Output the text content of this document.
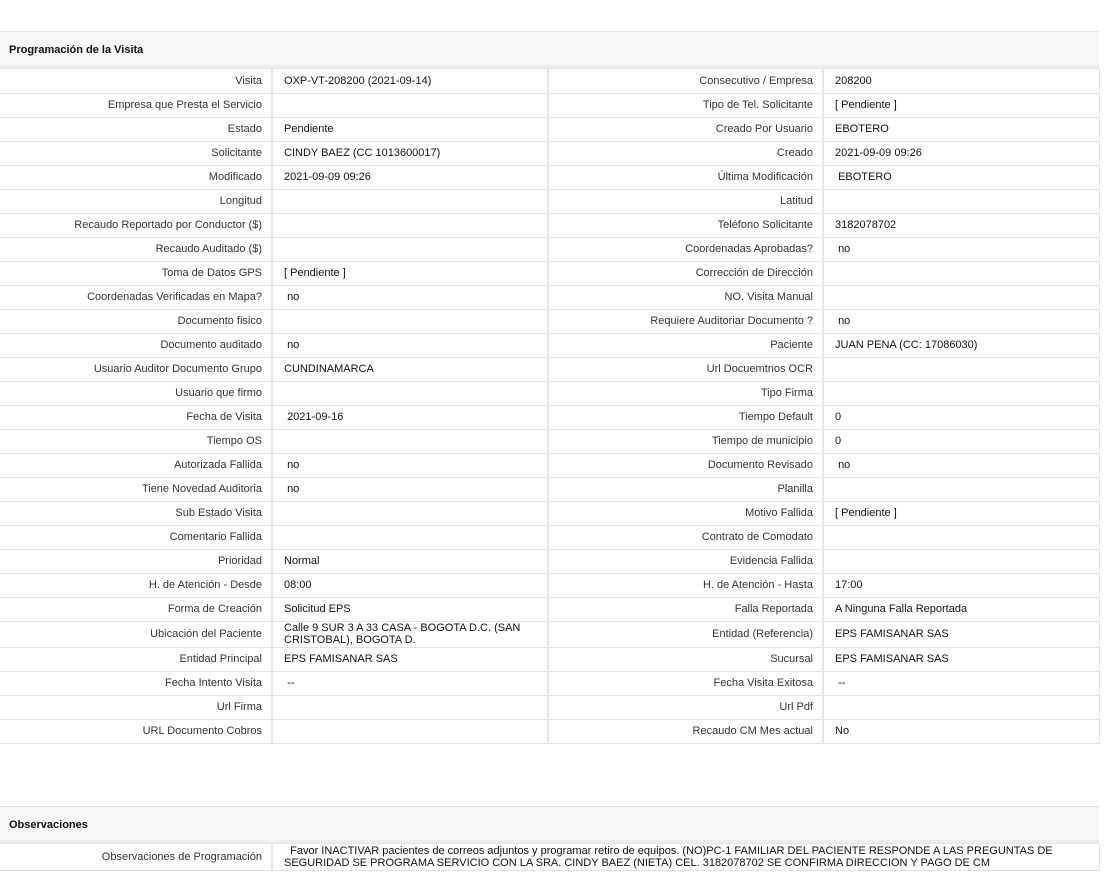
Programación de la Visita
Visita	OXP-VT-208200 (2021-09-14)	Consecutivo / Empresa	208200
Empresa que Presta el Servicio		Tipo de Tel. Solicitante	[ Pendiente ]
Estado	Pendiente	Creado Por Usuario	EBOTERO
Solicitante	CINDY BAEZ (CC 1013600017)	Creado	2021-09-09 09:26
Modificado	2021-09-09 09:26	Última Modificación	EBOTERO
Longitud		Latitud	
Recaudo Reportado por Conductor ($)		Teléfono Solicitante	3182078702
Recaudo Auditado ($)		Coordenadas Aprobadas?	no
Toma de Datos GPS	[ Pendiente ]	Corrección de Dirección	
Coordenadas Verificadas en Mapa?	no	NO. Visita Manual	
Documento fisico		Requiere Auditoriar Documento ?	no
Documento auditado	no	Paciente	JUAN PENA (CC: 17086030)
Usuario Auditor Documento Grupo	CUNDINAMARCA	Url Docuemtnos OCR	
Usuario que firmo		Tipo Firma	
Fecha de Visita	2021-09-16	Tiempo Default	0
Tiempo OS		Tiempo de municipio	0
Autorizada Fallida	no	Documento Revisado	no
Tiene Novedad Auditoria	no	Planilla	
Sub Estado Visita		Motivo Fallida	[ Pendiente ]
Comentario Fallida		Contrato de Comodato	
Prioridad	Normal	Evidencia Fallida	
H. de Atención - Desde	08:00	H. de Atención - Hasta	17:00
Forma de Creación	Solicitud EPS	Falla Reportada	A Ninguna Falla Reportada
Ubicación del Paciente	Calle 9 SUR 3 A 33 CASA - BOGOTA D.C. (SAN CRISTOBAL), BOGOTA D.	Entidad (Referencia)	EPS FAMISANAR SAS
Entidad Principal	EPS FAMISANAR SAS	Sucursal	EPS FAMISANAR SAS
Fecha Intento Visita	--	Fecha Visita Exitosa	--
Url Firma		Url Pdf	
URL Documento Cobros		Recaudo CM Mes actual	No
Observaciones
Observaciones de Programación	Favor INACTIVAR pacientes de correos adjuntos y programar retiro de equipos. (NO)PC-1 FAMILIAR DEL PACIENTE RESPONDE A LAS PREGUNTAS DE SEGURIDAD SE PROGRAMA SERVICIO CON LA SRA. CINDY BAEZ (NIETA) CEL. 3182078702 SE CONFIRMA DIRECCION Y PAGO DE CM
